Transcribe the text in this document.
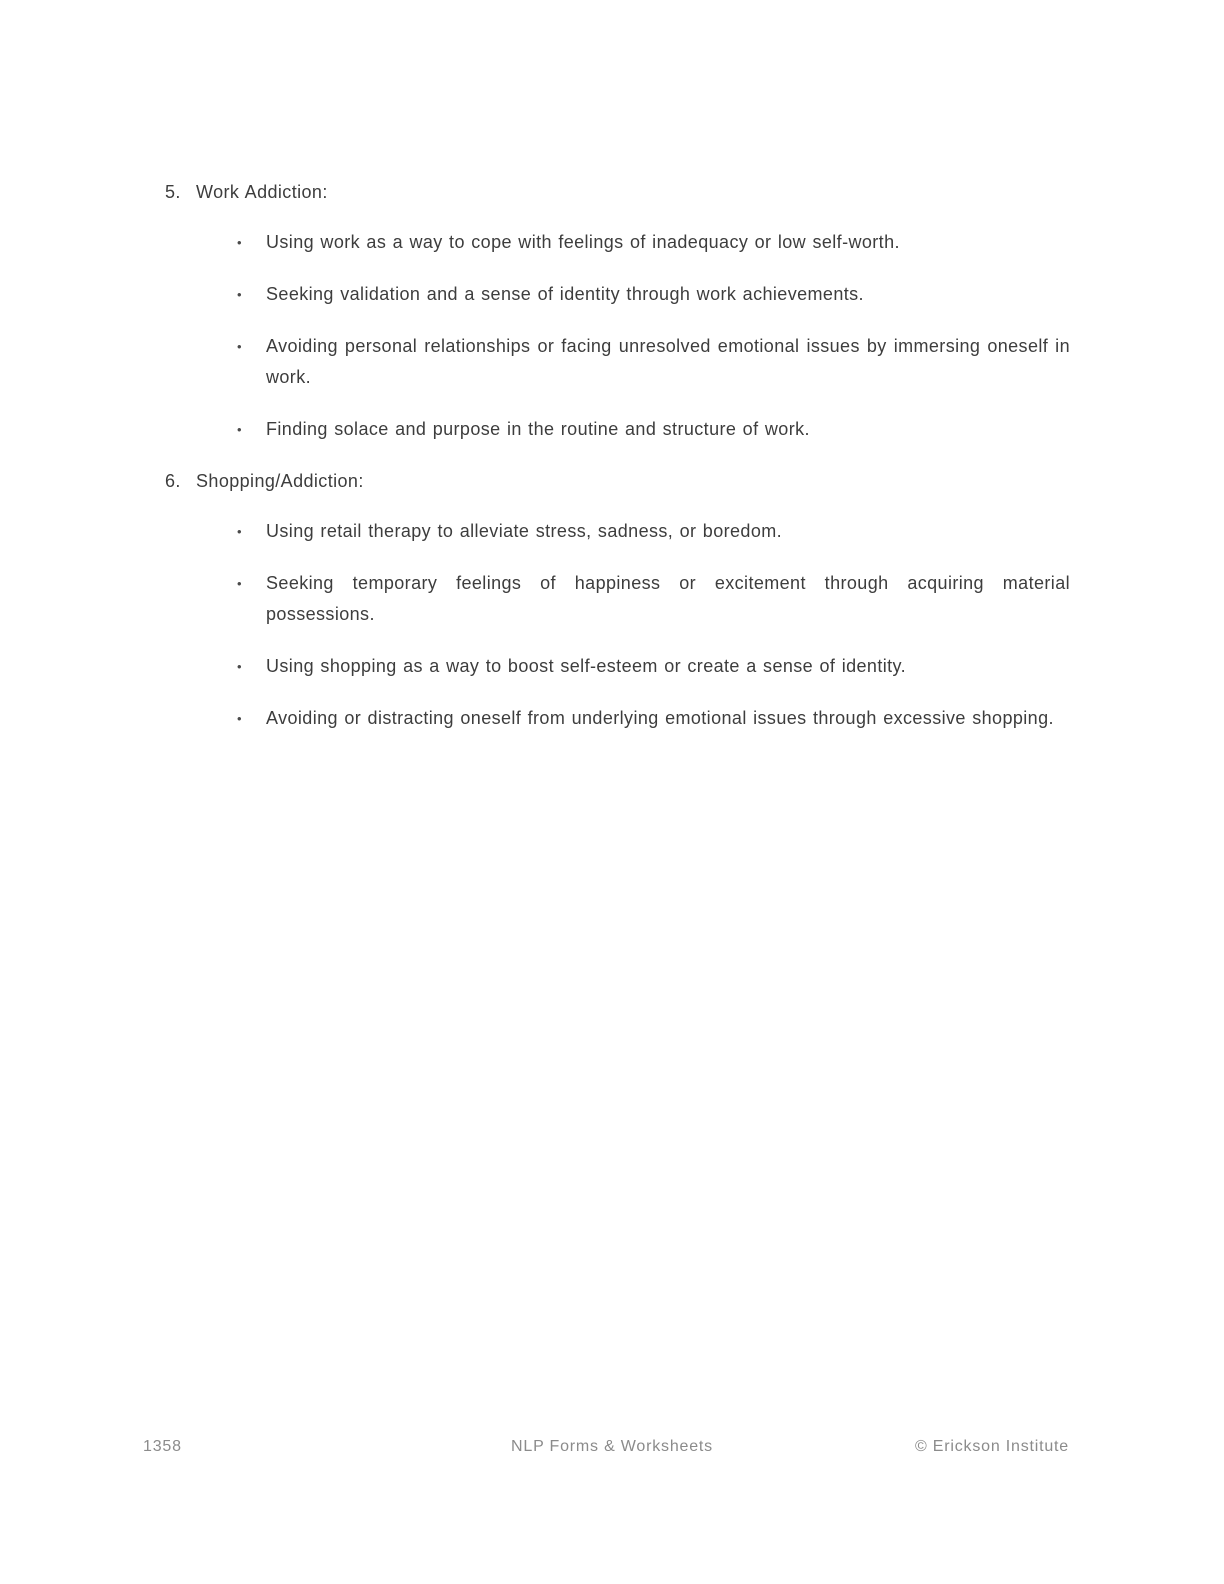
5. Work Addiction:
•	Using work as a way to cope with feelings of inadequacy or low self-worth.

•	Seeking validation and a sense of identity through work achievements.

•	Avoiding personal relationships or facing unresolved emotional issues by immersing oneself in work.

•	Finding solace and purpose in the routine and structure of work.

6. Shopping/Addiction:
•	Using retail therapy to alleviate stress, sadness, or boredom.

•	Seeking temporary feelings of happiness or excitement through acquiring material possessions.

•	Using shopping as a way to boost self-esteem or create a sense of identity.

•	Avoiding or distracting oneself from underlying emotional issues through excessive shopping.

NLP Forms & Worksheets
1358	© Erickson Institute
